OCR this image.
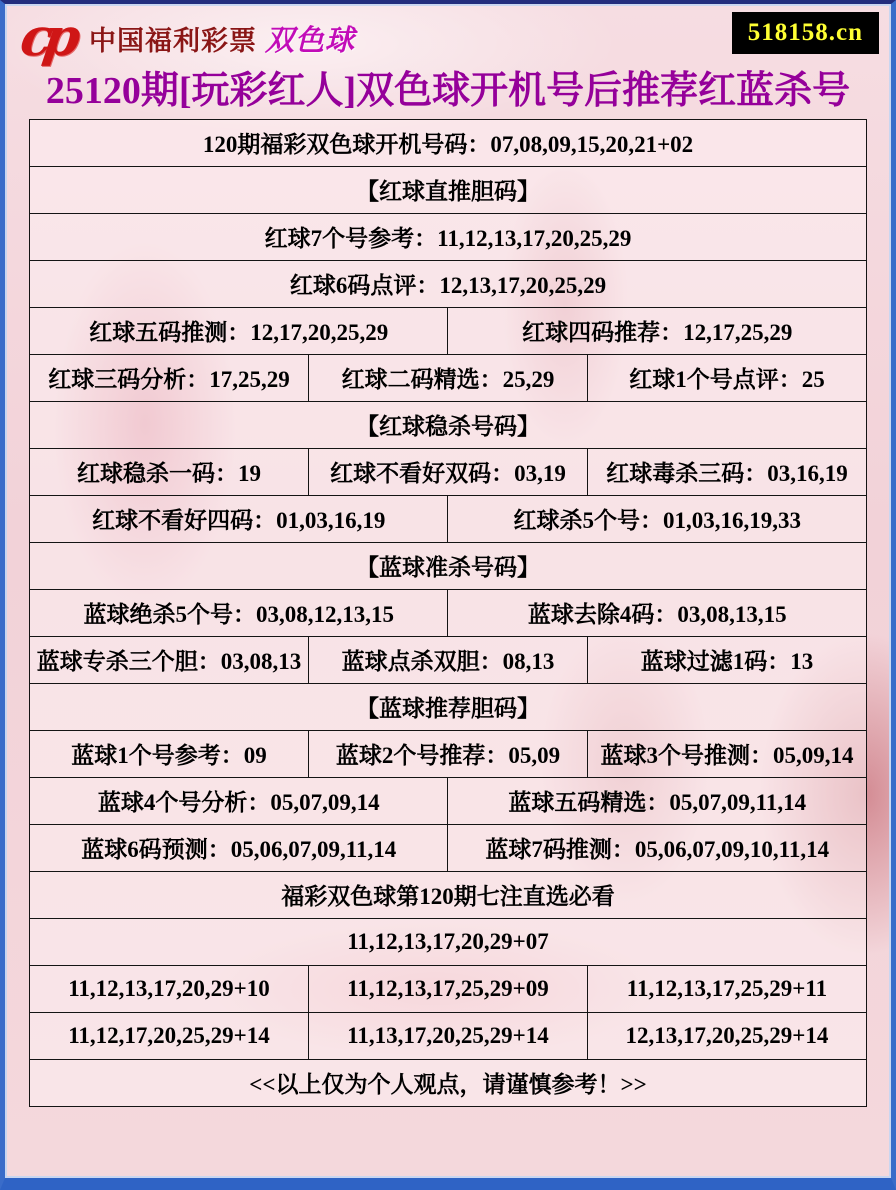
cp 中国福利彩票 双色球	518158.cn
25120期[玩彩红人]双色球开机号后推荐红蓝杀号
120期福彩双色球开机号码：07,08,09,15,20,21+02			
【红球直推胆码】			
红球7个号参考：11,12,13,17,20,25,29			
红球6码点评：12,13,17,20,25,29			
红球五码推测：12,17,20,25,29		红球四码推荐：12,17,25,29	
红球三码分析：17,25,29	红球二码精选：25,29		红球1个号点评：25
【红球稳杀号码】			
红球稳杀一码：19	红球不看好双码：03,19		红球毒杀三码：03,16,19
红球不看好四码：01,03,16,19		红球杀5个号：01,03,16,19,33	
【蓝球准杀号码】			
蓝球绝杀5个号：03,08,12,13,15		蓝球去除4码：03,08,13,15	
蓝球专杀三个胆：03,08,13	蓝球点杀双胆：08,13		蓝球过滤1码：13
【蓝球推荐胆码】			
蓝球1个号参考：09	蓝球2个号推荐：05,09		蓝球3个号推测：05,09,14
蓝球4个号分析：05,07,09,14		蓝球五码精选：05,07,09,11,14	
蓝球6码预测：05,06,07,09,11,14		蓝球7码推测：05,06,07,09,10,11,14	
福彩双色球第120期七注直选必看			
11,12,13,17,20,29+07			
11,12,13,17,20,29+10	11,12,13,17,25,29+09		11,12,13,17,25,29+11
11,12,17,20,25,29+14	11,13,17,20,25,29+14		12,13,17,20,25,29+14
<<以上仅为个人观点，请谨慎参考！>>			
